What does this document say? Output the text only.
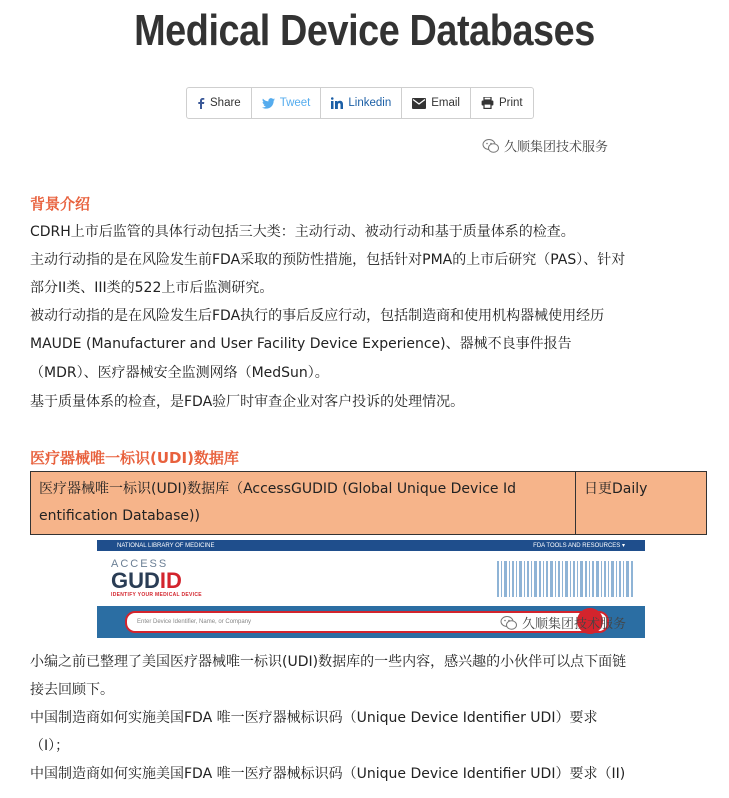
Medical Device Databases
Share	Tweet	Linkedin	Email	Print
久顺集团技术服务
背景介绍
CDRH上市后监管的具体行动包括三大类：主动行动、被动行动和基于质量体系的检查。
主动行动指的是在风险发生前FDA采取的预防性措施，包括针对PMA的上市后研究（PAS）、针对
部分II类、III类的522上市后监测研究。
被动行动指的是在风险发生后FDA执行的事后反应行动，包括制造商和使用机构器械使用经历
MAUDE (Manufacturer and User Facility Device Experience)、器械不良事件报告
（MDR）、医疗器械安全监测网络（MedSun）。
基于质量体系的检查，是FDA验厂时审查企业对客户投诉的处理情况。
医疗器械唯一标识(UDI)数据库
医疗器械唯一标识(UDI)数据库（AccessGUDID (Global Unique Device Id
entification Database))
	日更Daily
NATIONAL LIBRARY OF MEDICINE	FDA TOOLS AND RESOURCES ▾
ACCESS
GUDID
IDENTIFY YOUR MEDICAL DEVICE
Enter Device Identifier, Name, or Company	久顺集团技术服务
小编之前已整理了美国医疗器械唯一标识(UDI)数据库的一些内容，感兴趣的小伙伴可以点下面链
接去回顾下。
中国制造商如何实施美国FDA 唯一医疗器械标识码（Unique Device Identifier UDI）要求
（I）；
中国制造商如何实施美国FDA 唯一医疗器械标识码（Unique Device Identifier UDI）要求（II)
